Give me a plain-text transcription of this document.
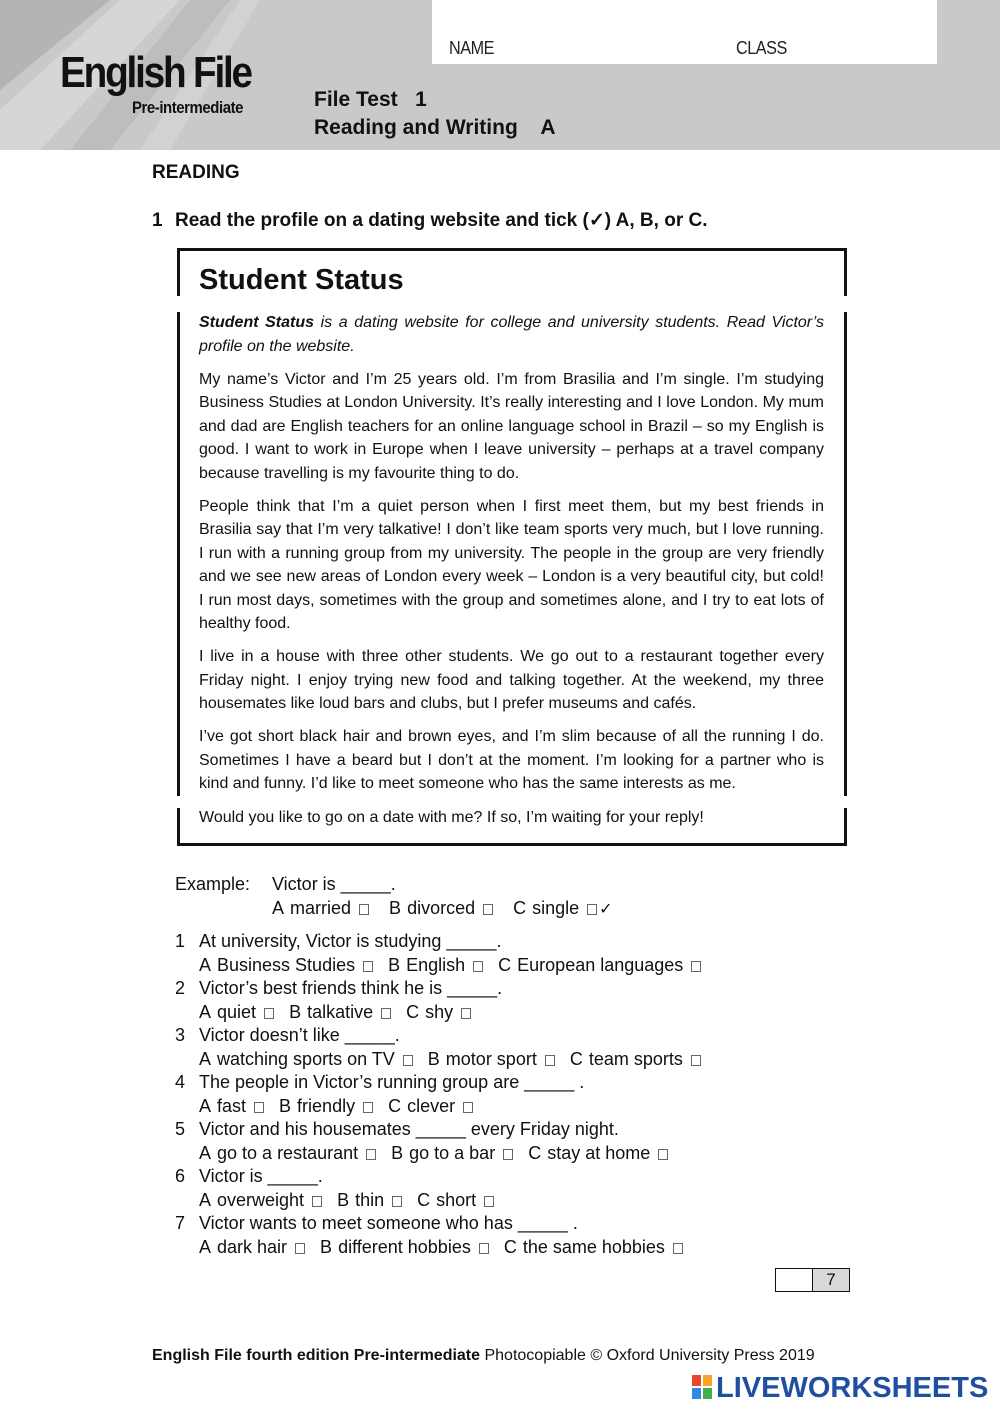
NAME	CLASS
English File
Pre-intermediate	File Test   1
Reading and Writing    A
READING
1 Read the profile on a dating website and tick (✓) A, B, or C.
Student Status

Student Status is a dating website for college and university students. Read Victor’s profile on the website.

My name’s Victor and I’m 25 years old. I’m from Brasilia and I’m single. I’m studying Business Studies at London University. It’s really interesting and I love London. My mum and dad are English teachers for an online language school in Brazil – so my English is good. I want to work in Europe when I leave university – perhaps at a travel company because travelling is my favourite thing to do.

People think that I’m a quiet person when I first meet them, but my best friends in Brasilia say that I’m very talkative! I don’t like team sports very much, but I love running. I run with a running group from my university. The people in the group are very friendly and we see new areas of London every week – London is a very beautiful city, but cold! I run most days, sometimes with the group and sometimes alone, and I try to eat lots of healthy food.

I live in a house with three other students. We go out to a restaurant together every Friday night. I enjoy trying new food and talking together. At the weekend, my three housemates like loud bars and clubs, but I prefer museums and cafés.

I’ve got short black hair and brown eyes, and I’m slim because of all the running I do. Sometimes I have a beard but I don’t at the moment. I’m looking for a partner who is kind and funny. I’d like to meet someone who has the same interests as me.

Would you like to go on a date with me? If so, I’m waiting for your reply!
Example: Victor is _____.
A married B divorced C single ✓
1 At university, Victor is studying _____.
A Business Studies B English C European languages
2 Victor’s best friends think he is _____.
A quiet B talkative C shy
3 Victor doesn’t like _____.
A watching sports on TV B motor sport C team sports
4 The people in Victor’s running group are _____ .
A fast B friendly C clever
5 Victor and his housemates _____ every Friday night.
A go to a restaurant B go to a bar C stay at home
6 Victor is _____.
A overweight B thin C short
7 Victor wants to meet someone who has _____ .
A dark hair B different hobbies C the same hobbies
7
English File fourth edition Pre-intermediate Photocopiable © Oxford University Press 2019
LIVEWORKSHEETS
